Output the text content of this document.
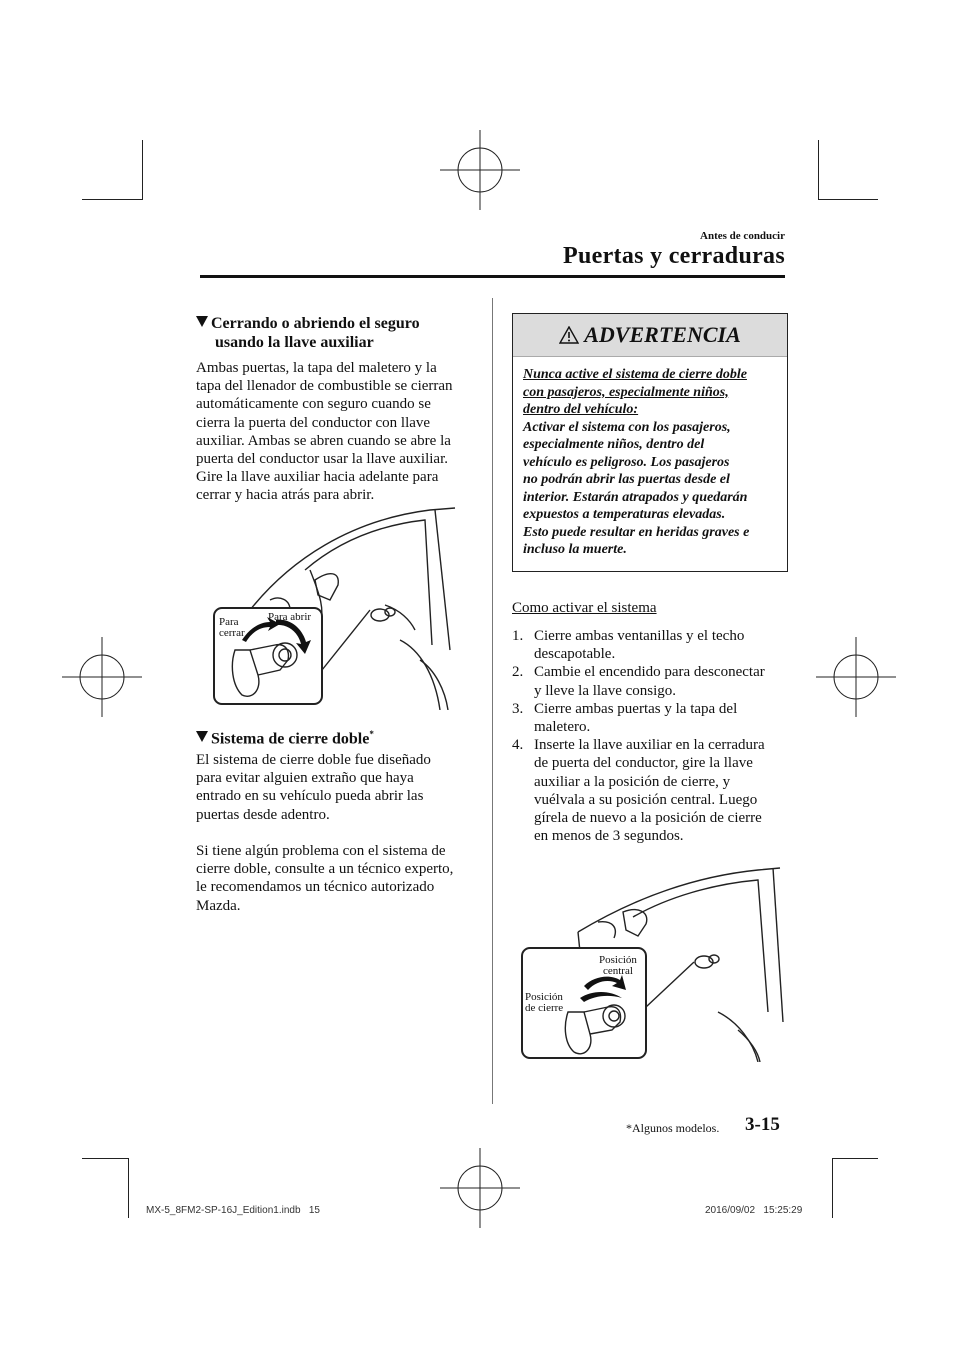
Antes de conducir
Puertas y cerraduras
Cerrando o abriendo el seguro
usando la llave auxiliar
Ambas puertas, la tapa del maletero y la
tapa del llenador de combustible se cierran
automáticamente con seguro cuando se
cierra la puerta del conductor con llave
auxiliar. Ambas se abren cuando se abre la
puerta del conductor usar la llave auxiliar.
Gire la llave auxiliar hacia adelante para
cerrar y hacia atrás para abrir.
Para
cerrar
Para abrir
Sistema de cierre doble*
El sistema de cierre doble fue diseñado
para evitar alguien extraño que haya
entrado en su vehículo pueda abrir las
puertas desde adentro.
Si tiene algún problema con el sistema de
cierre doble, consulte a un técnico experto,
le recomendamos un técnico autorizado
Mazda.
ADVERTENCIA
Nunca active el sistema de cierre doble
con pasajeros, especialmente niños,
dentro del vehículo:
Activar el sistema con los pasajeros,
especialmente niños, dentro del
vehículo es peligroso. Los pasajeros
no podrán abrir las puertas desde el
interior. Estarán atrapados y quedarán
expuestos a temperaturas elevadas.
Esto puede resultar en heridas graves e
incluso la muerte.
Como activar el sistema
1. Cierre ambas ventanillas y el techo
descapotable.
2. Cambie el encendido para desconectar
y lleve la llave consigo.
3. Cierre ambas puertas y la tapa del
maletero.
4. Inserte la llave auxiliar en la cerradura
de puerta del conductor, gire la llave
auxiliar a la posición de cierre, y
vuélvala a su posición central. Luego
gírela de nuevo a la posición de cierre
en menos de 3 segundos.
Posición
central
Posición
de cierre
*Algunos modelos. 3-15
MX-5_8FM2-SP-16J_Edition1.indb   15	2016/09/02   15:25:29
